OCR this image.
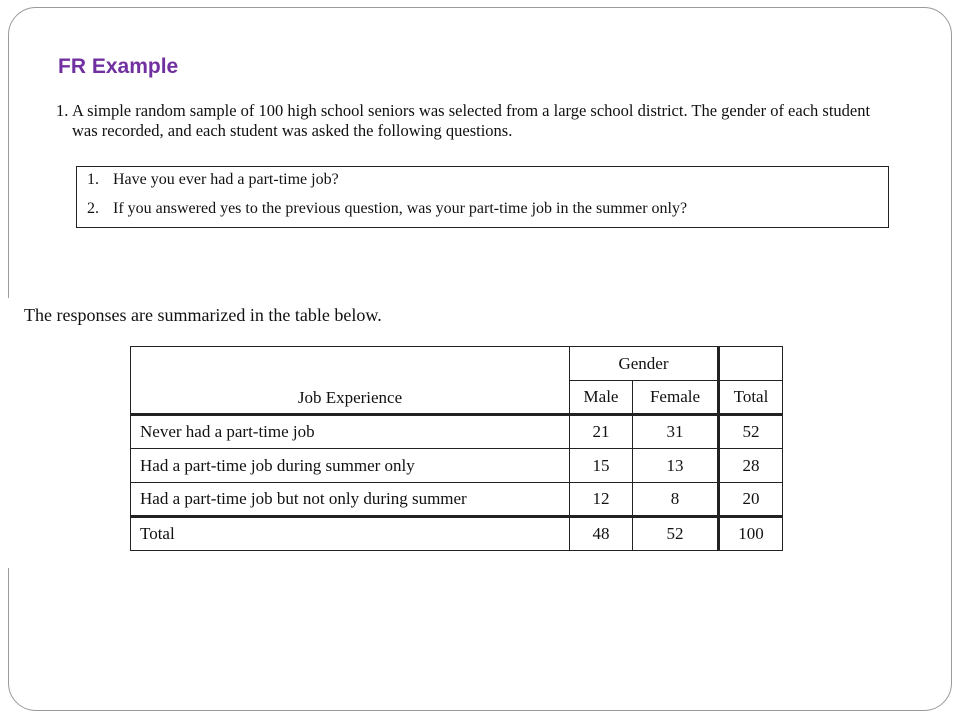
FR Example
1. A simple random sample of 100 high school seniors was selected from a large school district. The gender of each student was recorded, and each student was asked the following questions.
1. Have you ever had a part-time job?
2. If you answered yes to the previous question, was your part-time job in the summer only?
The responses are summarized in the table below.
Job Experience	Gender		
	Male	Female	Total
Never had a part-time job	21	31	52
Had a part-time job during summer only	15	13	28
Had a part-time job but not only during summer	12	8	20
Total	48	52	100
